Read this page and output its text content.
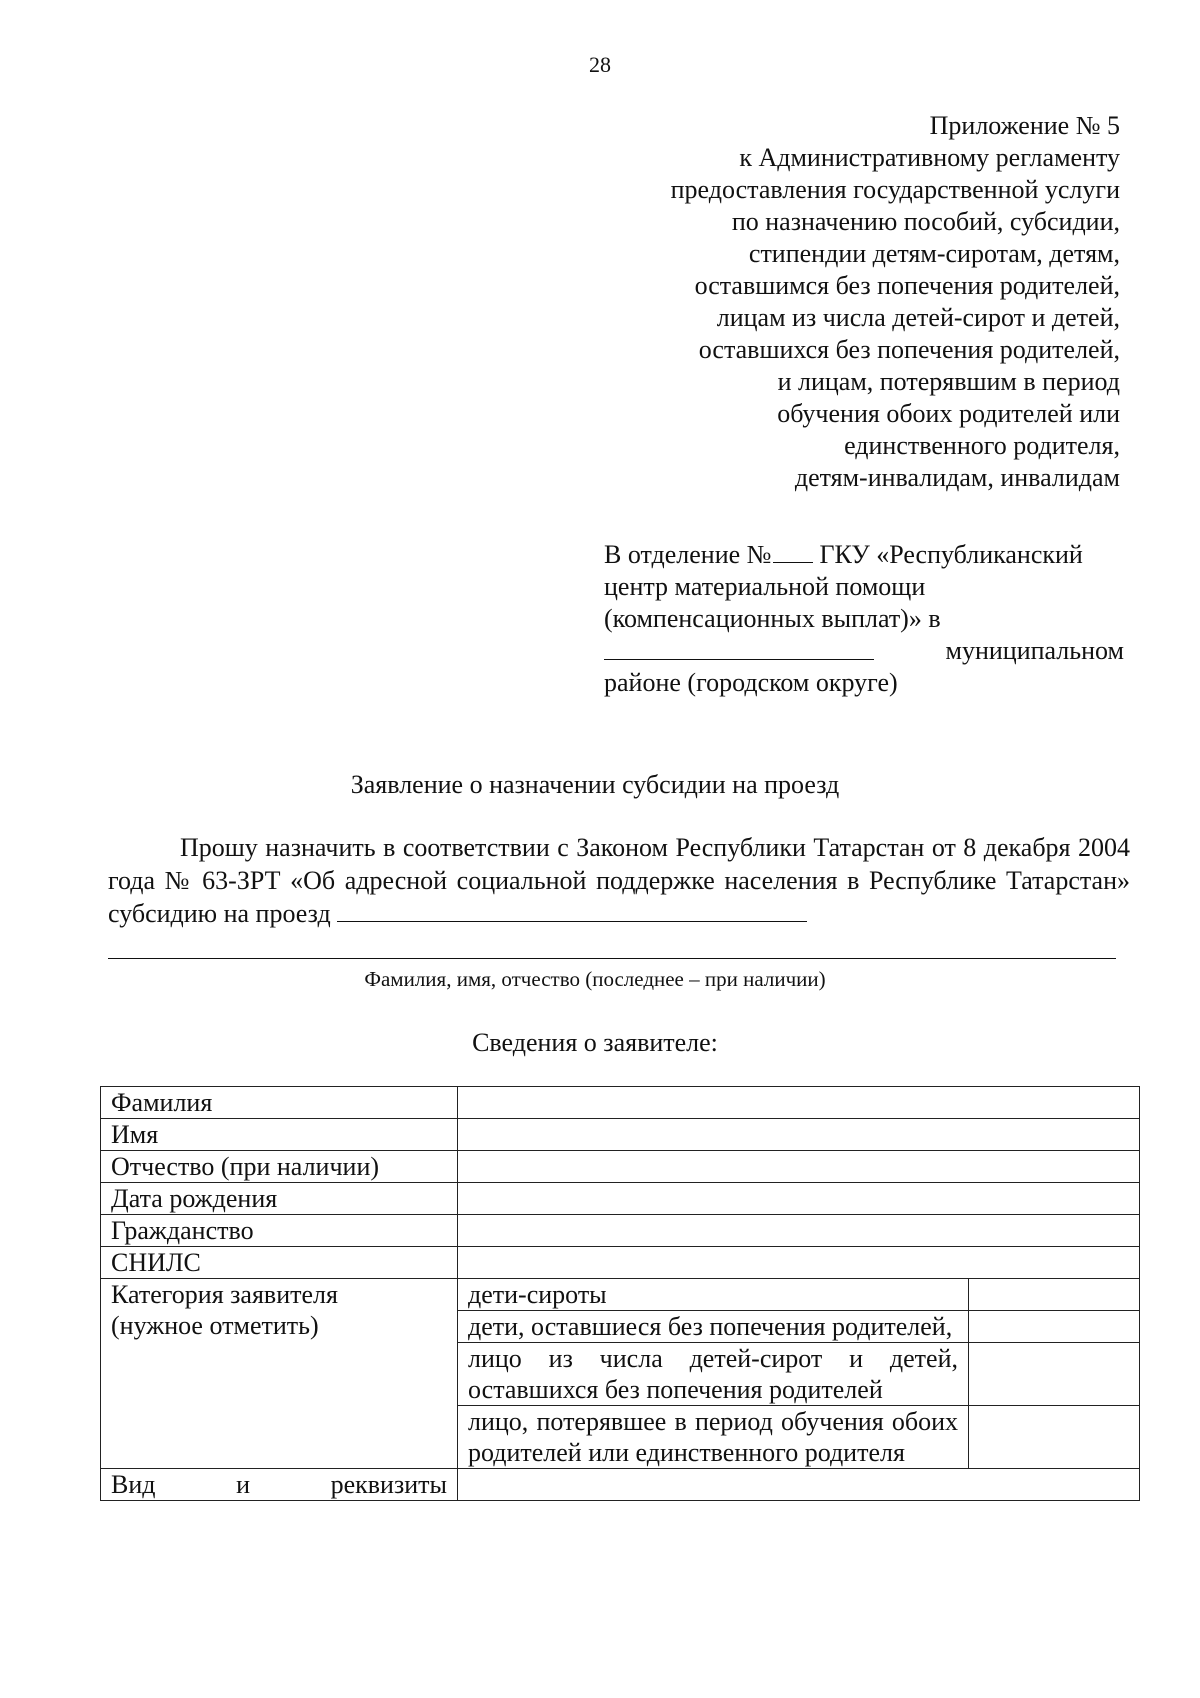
28
Приложение № 5
к Административному регламенту
предоставления государственной услуги
по назначению пособий, субсидии,
стипендии детям-сиротам, детям,
оставшимся без попечения родителей,
лицам из числа детей-сирот и детей,
оставшихся без попечения родителей,
и лицам, потерявшим в период
обучения обоих родителей или
единственного родителя,
детям-инвалидам, инвалидам
В отделение № ГКУ «Республиканский
центр материальной помощи
(компенсационных выплат)» в
муниципальном
районе (городском округе)
Заявление о назначении субсидии на проезд
Прошу назначить в соответствии с Законом Республики Татарстан от 8 декабря 2004 года № 63-ЗРТ «Об адресной социальной поддержке населения в Республике Татарстан» субсидию на проезд
Фамилия, имя, отчество (последнее – при наличии)
Сведения о заявителе:
Фамилия		
Имя		
Отчество (при наличии)		
Дата рождения		
Гражданство		
СНИЛС		

Категория заявителя
(нужное отметить)	дети-сироты	
	дети, оставшиеся без попечения родителей,	
	лицо из числа детей-сирот и детей, оставшихся без попечения родителей	
	лицо, потерявшее в период обучения обоих родителей или единственного родителя	

Вид и реквизиты		
